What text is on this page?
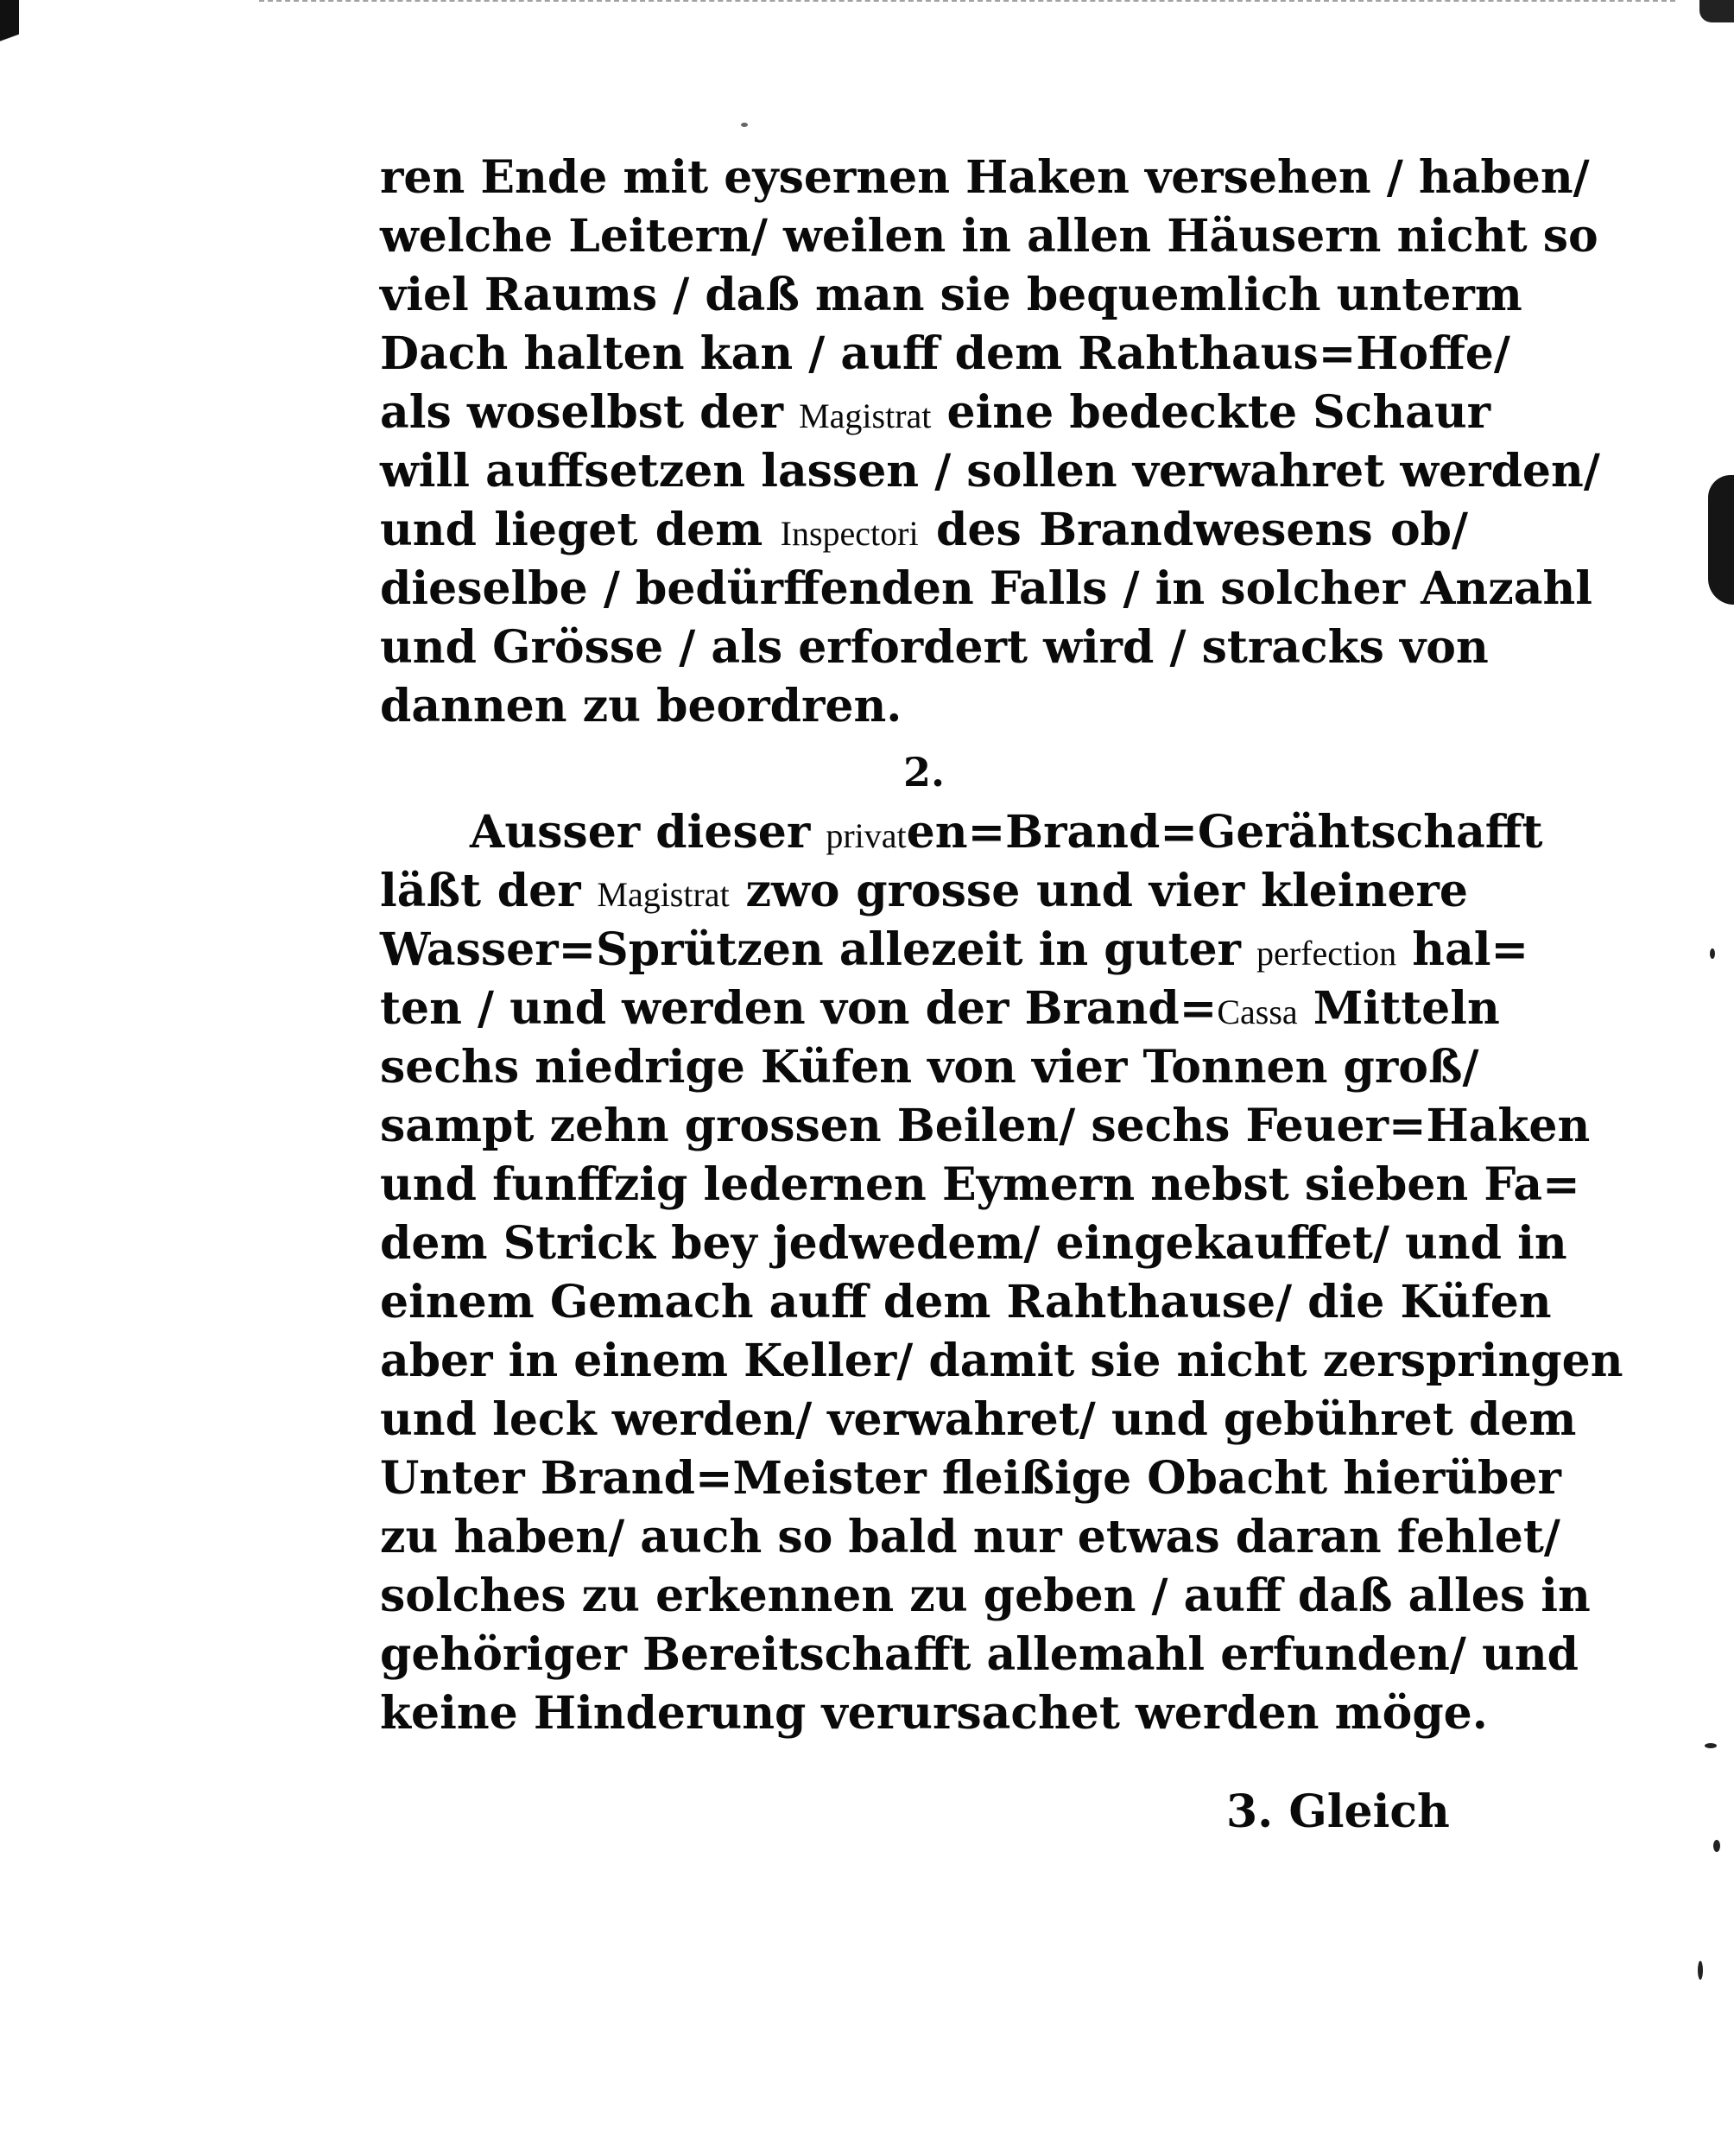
ren Ende mit eysernen Haken versehen / haben/
welche Leitern/ weilen in allen Häusern nicht so
viel Raums / daß man sie bequemlich unterm
Dach halten kan / auff dem Rahthaus=Hoffe/
als woselbst der Magistrat eine bedeckte Schaur
will auffsetzen lassen / sollen verwahret werden/
und lieget dem Inspectori des Brandwesens ob/
dieselbe / bedürffenden Falls / in solcher Anzahl
und Grösse / als erfordert wird / stracks von
dannen zu beordren.
2.
Ausser dieser privaten=Brand=Gerähtschafft
läßt der Magistrat zwo grosse und vier kleinere
Wasser=Sprützen allezeit in guter perfection hal=
ten / und werden von der Brand=Cassa Mitteln
sechs niedrige Küfen von vier Tonnen groß/
sampt zehn grossen Beilen/ sechs Feuer=Haken
und funffzig ledernen Eymern nebst sieben Fa=
dem Strick bey jedwedem/ eingekauffet/ und in
einem Gemach auff dem Rahthause/ die Küfen
aber in einem Keller/ damit sie nicht zerspringen
und leck werden/ verwahret/ und gebühret dem
Unter Brand=Meister fleißige Obacht hierüber
zu haben/ auch so bald nur etwas daran fehlet/
solches zu erkennen zu geben / auff daß alles in
gehöriger Bereitschafft allemahl erfunden/ und
keine Hinderung verursachet werden möge.
3. Gleich
